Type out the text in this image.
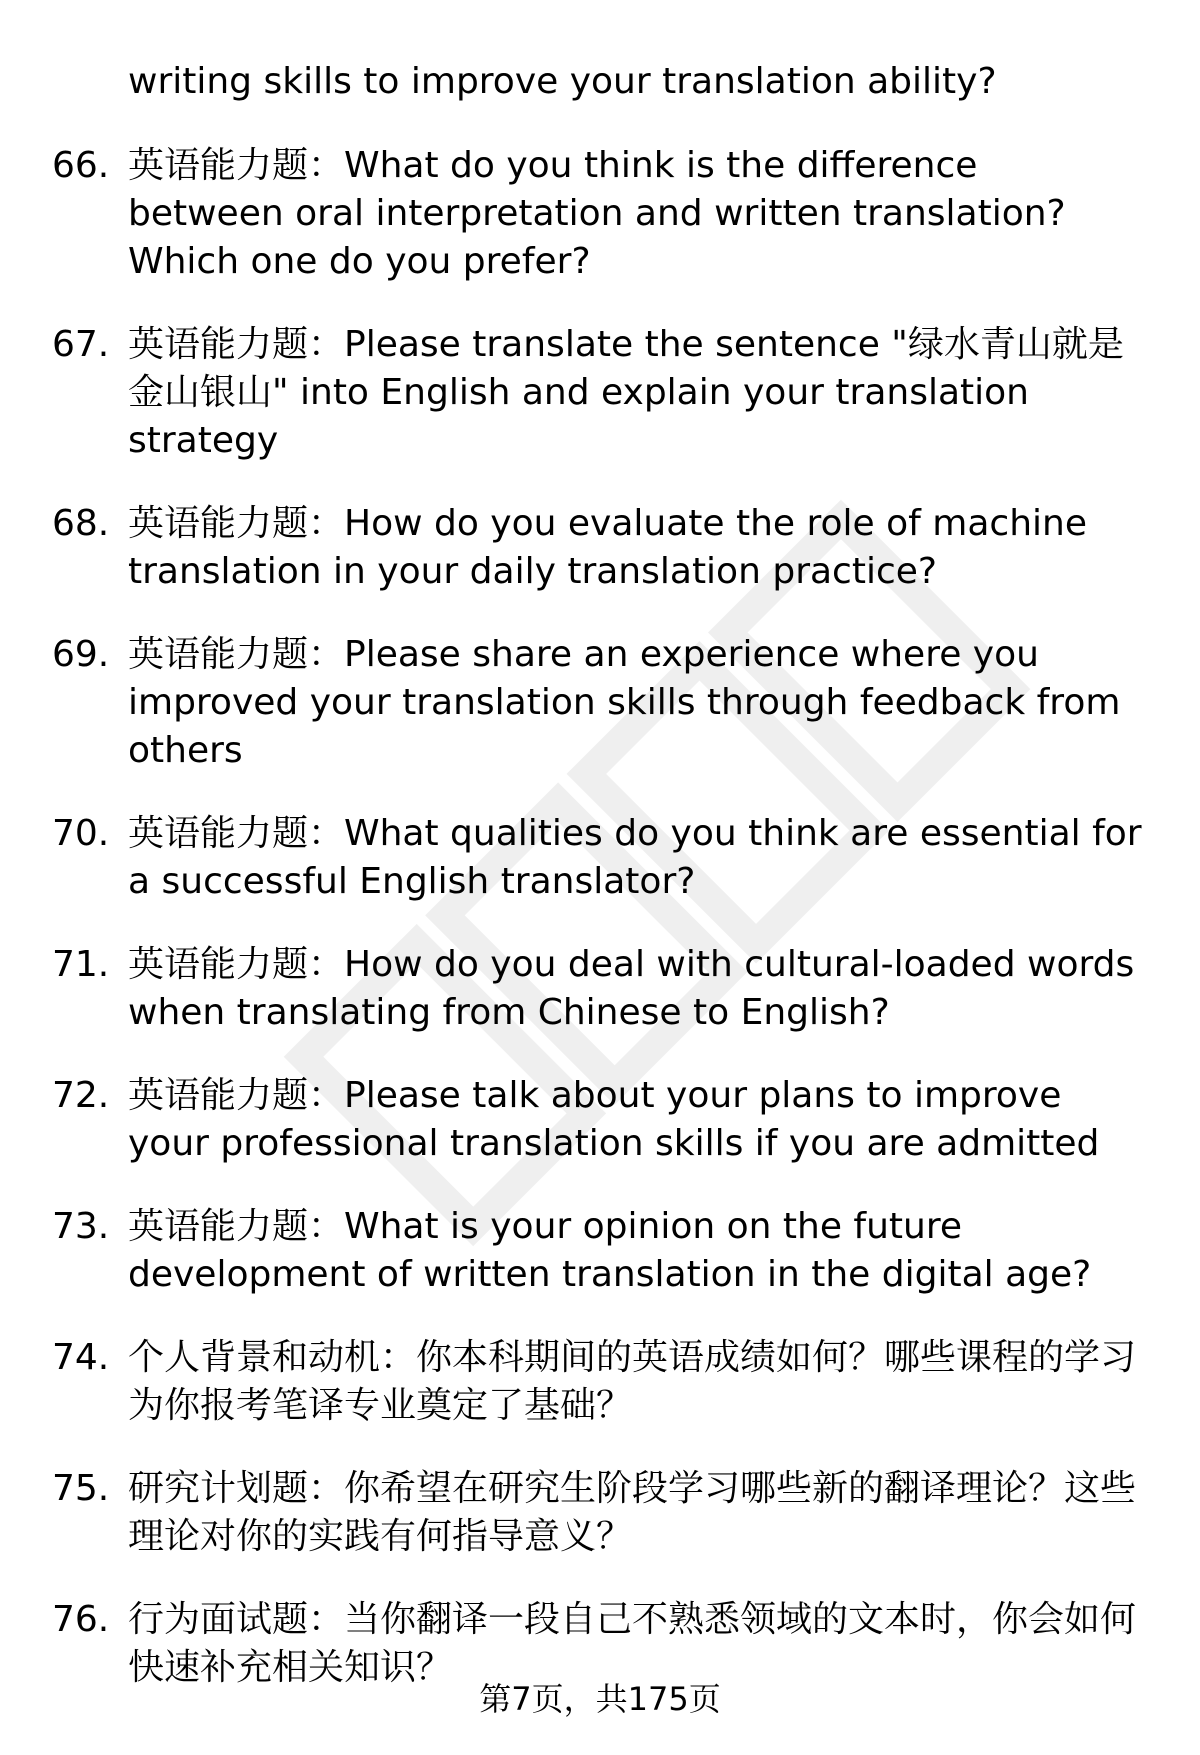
writing skills to improve your translation ability?
66. 英语能力题：What do you think is the difference between oral interpretation and written translation? Which one do you prefer?
67. 英语能力题：Please translate the sentence "绿水青山就是金山银山" into English and explain your translation strategy
68. 英语能力题：How do you evaluate the role of machine translation in your daily translation practice?
69. 英语能力题：Please share an experience where you improved your translation skills through feedback from others
70. 英语能力题：What qualities do you think are essential for a successful English translator?
71. 英语能力题：How do you deal with cultural-loaded words when translating from Chinese to English?
72. 英语能力题：Please talk about your plans to improve your professional translation skills if you are admitted
73. 英语能力题：What is your opinion on the future development of written translation in the digital age?
74. 个人背景和动机：你本科期间的英语成绩如何？哪些课程的学习为你报考笔译专业奠定了基础？
75. 研究计划题：你希望在研究生阶段学习哪些新的翻译理论？这些理论对你的实践有何指导意义？
76. 行为面试题：当你翻译一段自己不熟悉领域的文本时，你会如何快速补充相关知识？
第7页，共175页
